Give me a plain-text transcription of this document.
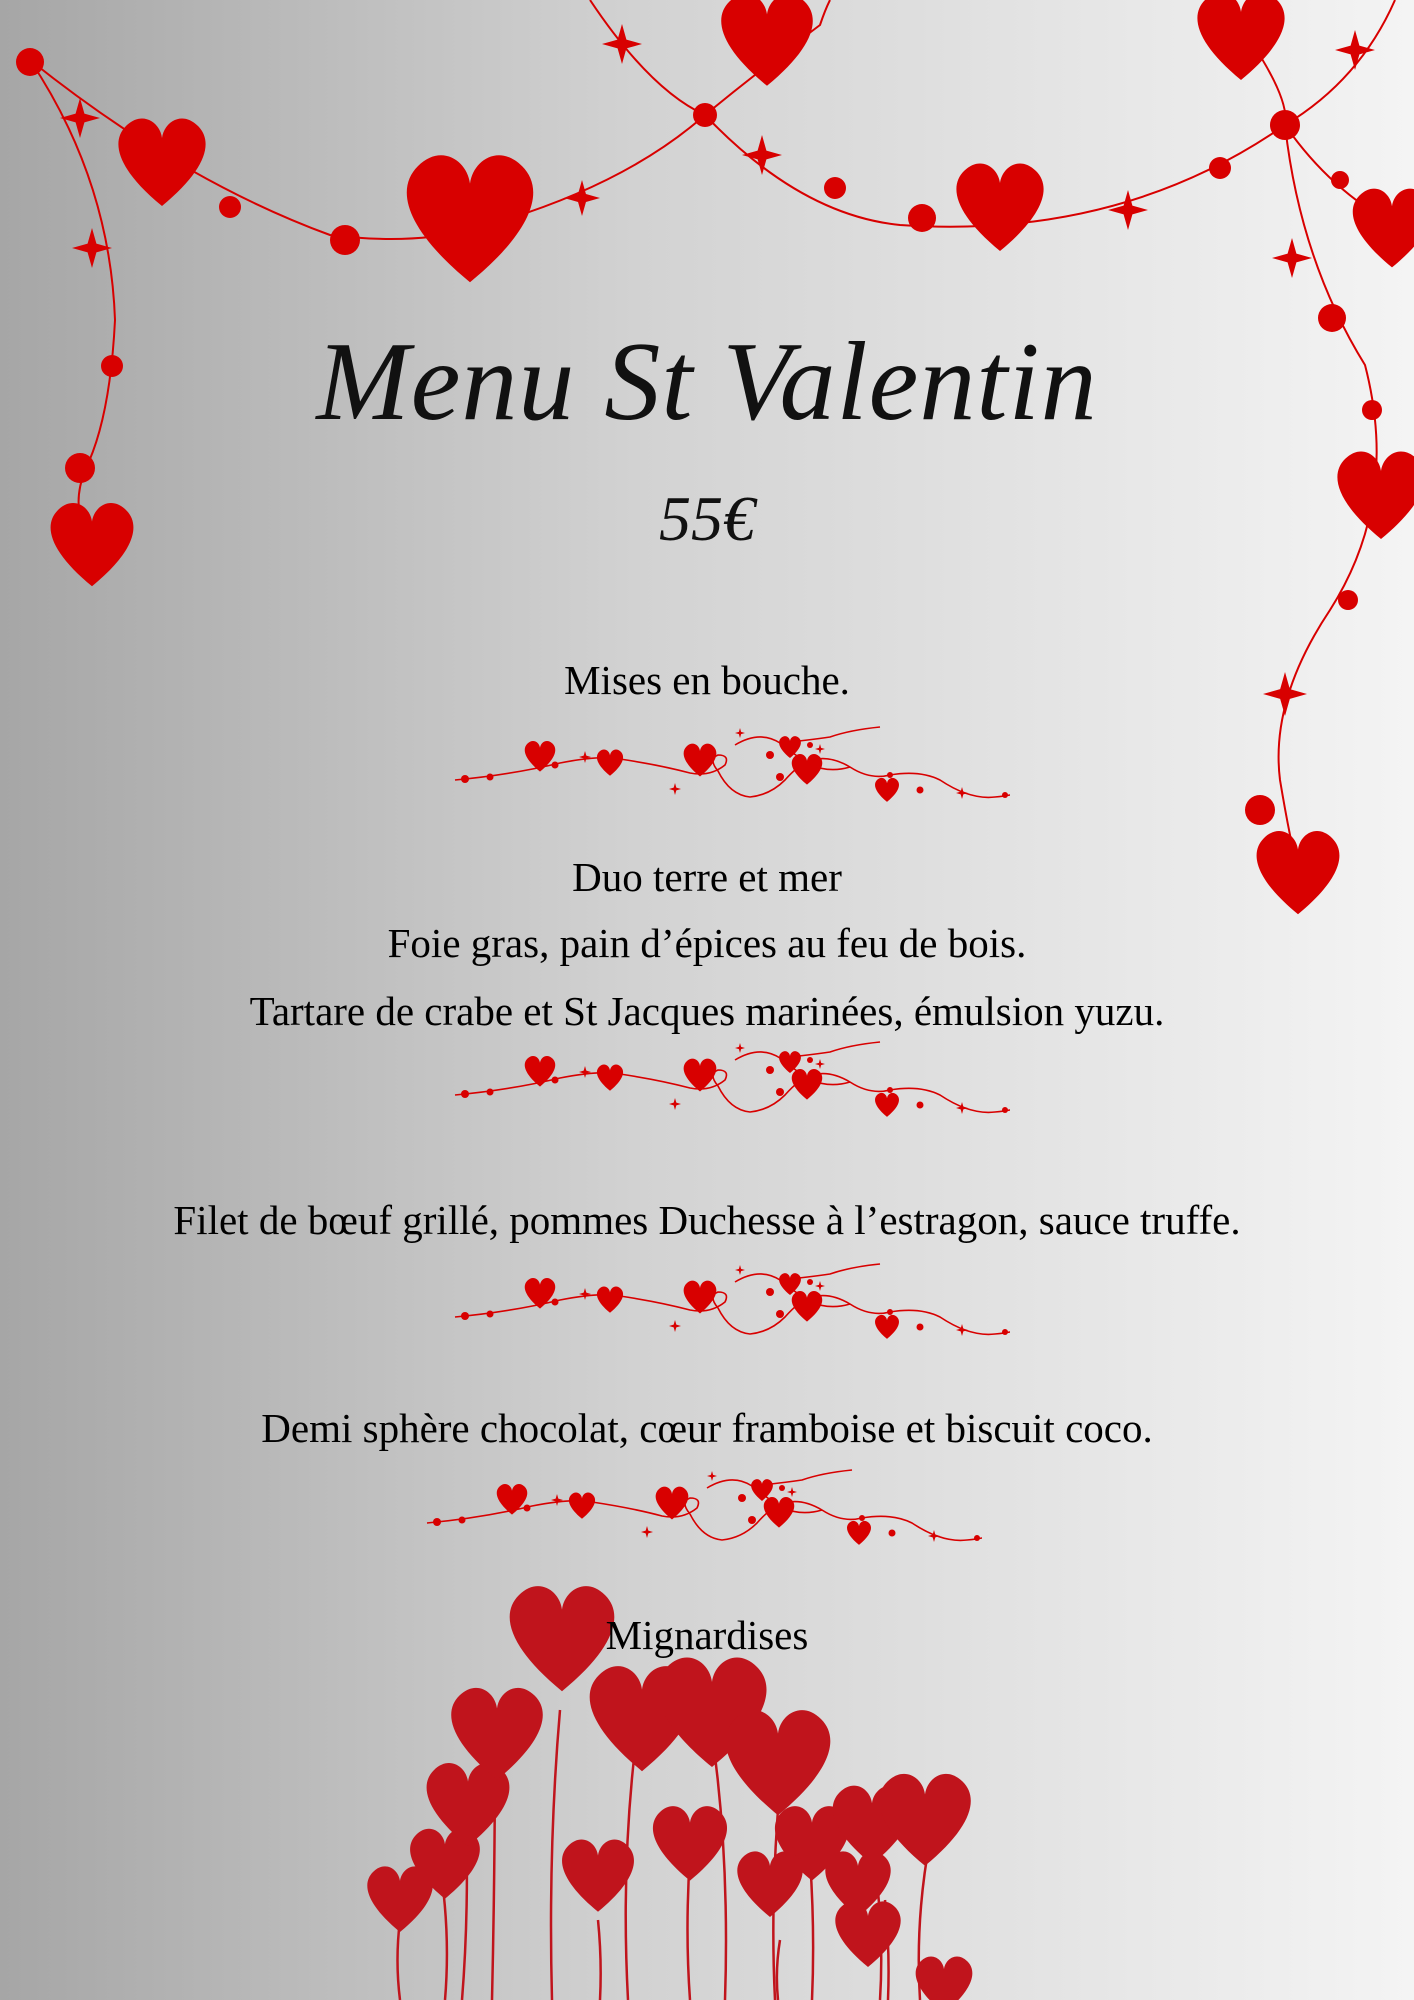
Menu St Valentin
55€
Mises en bouche.
Duo terre et mer
Foie gras, pain d’épices au feu de bois.
Tartare de crabe et St Jacques marinées, émulsion yuzu.
Filet de bœuf grillé, pommes Duchesse à l’estragon, sauce truffe.
Demi sphère chocolat, cœur framboise et biscuit coco.
Mignardises
